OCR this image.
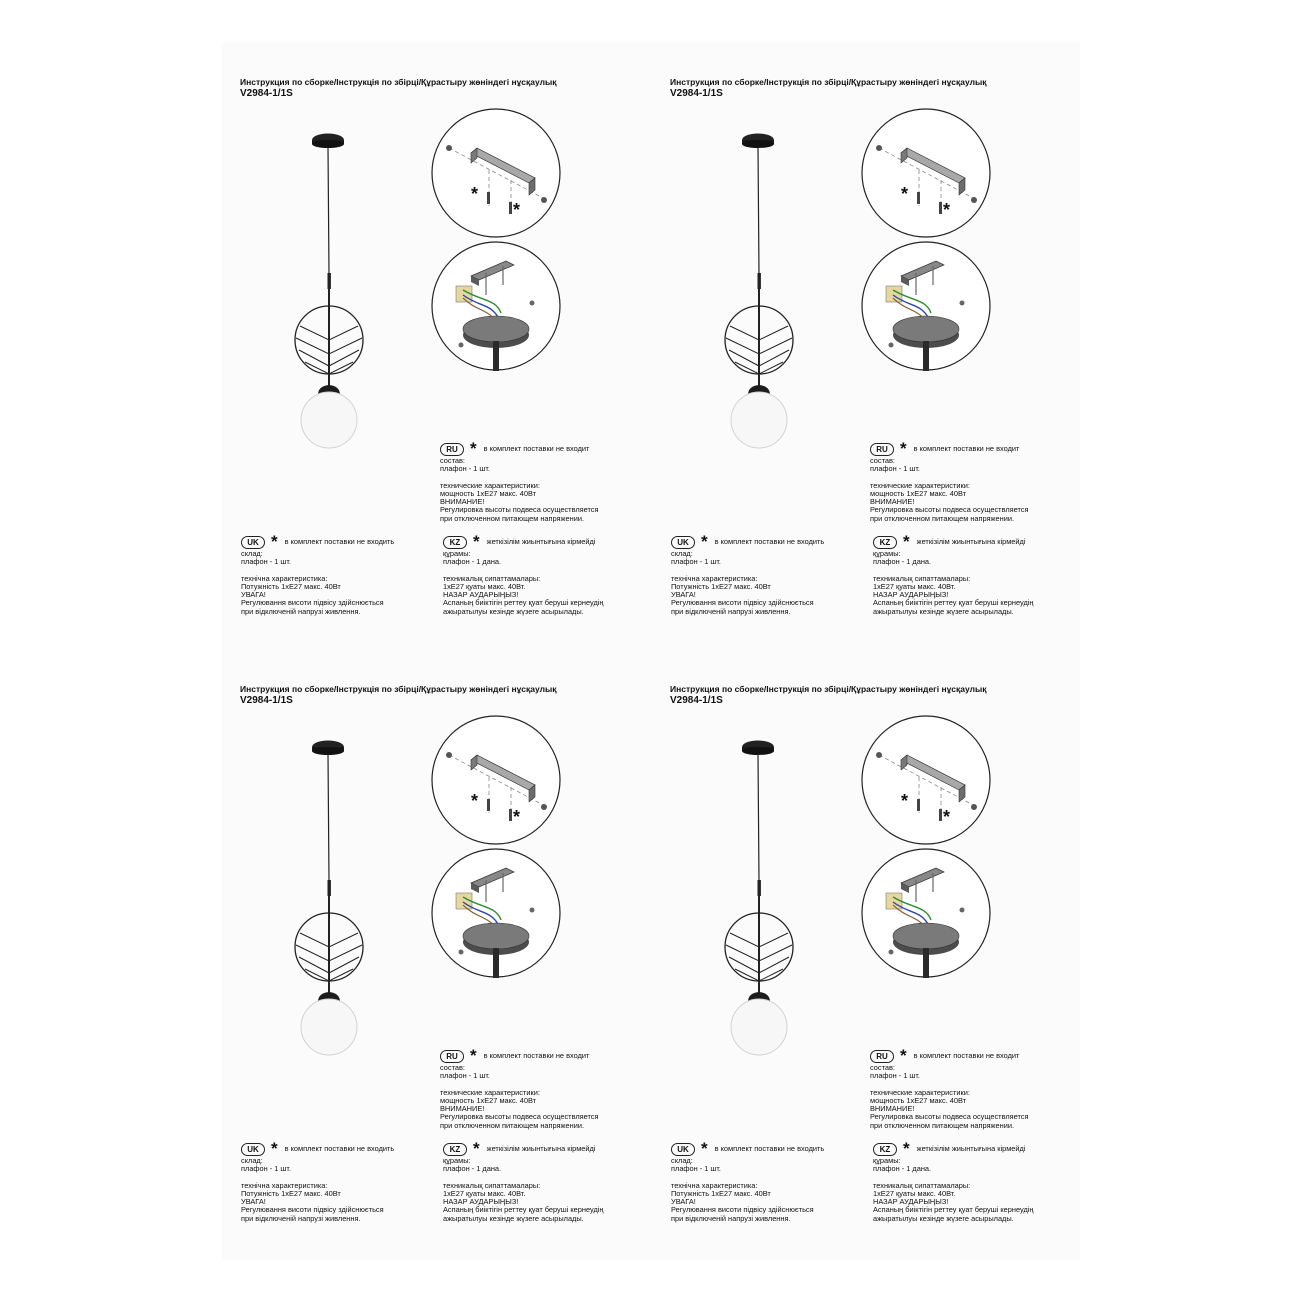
Инструкция по сборке/Інструкція по збірці/Құрастыру жөніндегі нұсқаулық
V2984-1/1S
*
*
RU * в комплект поставки не входит
состав:
плафон - 1 шт.
технические характеристики:
мощность 1хЕ27 макс. 40Вт
ВНИМАНИЕ!
Регулировка высоты подвеса осуществляется
при отключенном питающем напряжении.
UK * в комплект поставки не входить
склад:
плафон - 1 шт.
технічна характеристика:
Потужність 1хЕ27 макс. 40Вт
УВАГА!
Регулювання висоти підвісу здійснюється
при відключеній напрузі живлення.
KZ * жеткізілім жиынтығына кірмейді
құрамы:
плафон - 1 дана.
техникалық сипаттамалары:
1хЕ27 қуаты макс. 40Вт.
НАЗАР АУДАРЫҢЫЗ!
Аспаның биіктігін реттеу қуат беруші кернеудің
ажыратылуы кезінде жүзеге асырылады.
Инструкция по сборке/Інструкція по збірці/Құрастыру жөніндегі нұсқаулық
V2984-1/1S
*
*
RU * в комплект поставки не входит
состав:
плафон - 1 шт.
технические характеристики:
мощность 1хЕ27 макс. 40Вт
ВНИМАНИЕ!
Регулировка высоты подвеса осуществляется
при отключенном питающем напряжении.
UK * в комплект поставки не входить
склад:
плафон - 1 шт.
технічна характеристика:
Потужність 1хЕ27 макс. 40Вт
УВАГА!
Регулювання висоти підвісу здійснюється
при відключеній напрузі живлення.
KZ * жеткізілім жиынтығына кірмейді
құрамы:
плафон - 1 дана.
техникалық сипаттамалары:
1хЕ27 қуаты макс. 40Вт.
НАЗАР АУДАРЫҢЫЗ!
Аспаның биіктігін реттеу қуат беруші кернеудің
ажыратылуы кезінде жүзеге асырылады.
Инструкция по сборке/Інструкція по збірці/Құрастыру жөніндегі нұсқаулық
V2984-1/1S
*
*
RU * в комплект поставки не входит
состав:
плафон - 1 шт.
технические характеристики:
мощность 1хЕ27 макс. 40Вт
ВНИМАНИЕ!
Регулировка высоты подвеса осуществляется
при отключенном питающем напряжении.
UK * в комплект поставки не входить
склад:
плафон - 1 шт.
технічна характеристика:
Потужність 1хЕ27 макс. 40Вт
УВАГА!
Регулювання висоти підвісу здійснюється
при відключеній напрузі живлення.
KZ * жеткізілім жиынтығына кірмейді
құрамы:
плафон - 1 дана.
техникалық сипаттамалары:
1хЕ27 қуаты макс. 40Вт.
НАЗАР АУДАРЫҢЫЗ!
Аспаның биіктігін реттеу қуат беруші кернеудің
ажыратылуы кезінде жүзеге асырылады.
Инструкция по сборке/Інструкція по збірці/Құрастыру жөніндегі нұсқаулық
V2984-1/1S
*
*
RU * в комплект поставки не входит
состав:
плафон - 1 шт.
технические характеристики:
мощность 1хЕ27 макс. 40Вт
ВНИМАНИЕ!
Регулировка высоты подвеса осуществляется
при отключенном питающем напряжении.
UK * в комплект поставки не входить
склад:
плафон - 1 шт.
технічна характеристика:
Потужність 1хЕ27 макс. 40Вт
УВАГА!
Регулювання висоти підвісу здійснюється
при відключеній напрузі живлення.
KZ * жеткізілім жиынтығына кірмейді
құрамы:
плафон - 1 дана.
техникалық сипаттамалары:
1хЕ27 қуаты макс. 40Вт.
НАЗАР АУДАРЫҢЫЗ!
Аспаның биіктігін реттеу қуат беруші кернеудің
ажыратылуы кезінде жүзеге асырылады.
